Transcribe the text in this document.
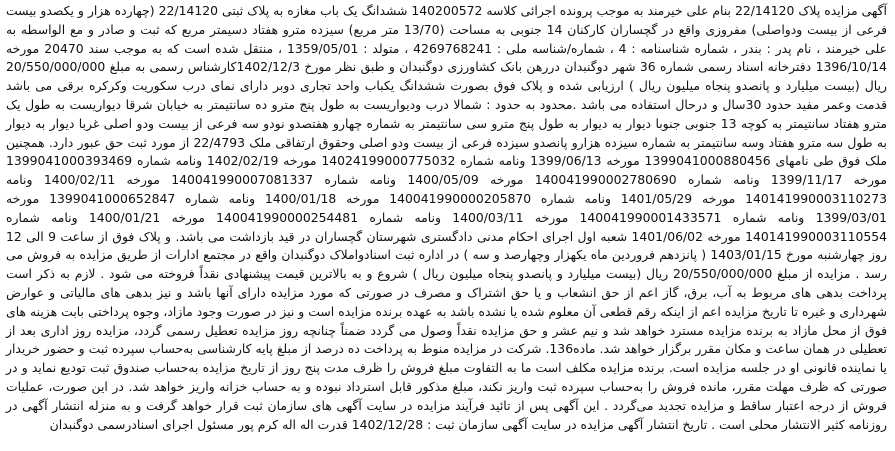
آگهی مزایده پلاک 22/14120 بنام علی خیرمند به موجب پرونده اجرائی کلاسه 140200572 ششدانگ یک باب مغازه به پلاک ثبتی 22/14120 (چهارده هزار و یکصدو بیست فرعی از بیست ودواصلی) مفروزی واقع در گچساران کارکنان 14 جنوبی به مساحت (13/70 متر مربع) سیزده مترو هفتاد دسیمتر مربع که ثبت و صادر و مع الواسطه به علی خیرمند ، نام پدر : بندر ، شماره شناسنامه : 4 ، شماره/شناسه ملی : 4269768241 ، متولد : 1359/05/01 ، منتقل شده است که به موجب سند 20470 مورخه 1396/10/14 دفترخانه اسناد رسمی شماره 36 شهر دوگنبدان دررهن بانک کشاورزی دوگنبدان و طبق نظر مورخ 1402/12/3کارشناس رسمی به مبلغ 20/550/000/000 ریال (بیست میلیارد و پانصدو پنجاه میلیون ریال ) ارزیابی شده و پلاک فوق بصورت ششدانگ یکباب واحد تجاری دوبر دارای نمای درب سکوریت وکرکره برقی می باشد قدمت وعمر مفید حدود 30سال و درحال استفاده می باشد .محدود به حدود : شمالا درب ودیواریست به طول پنج مترو ده سانتیمتر به خیابان شرقا دیواریست به طول یک مترو هفتاد سانتیمتر به کوچه 13 جنوبی جنوبا دیوار به دیوار به طول پنج مترو سی سانتیمتر به شماره چهارو هفتصدو نودو سه فرعی از بیست ودو اصلی غربا دیوار به دیوار به طول سه مترو هفتاد وسه سانتیمتر به شماره سیزده هزارو پانصدو سیزده فرعی از بیست ودو اصلی وحقوق ارتفاقی ملک 22/4793 از مورد ثبت حق عبور دارد. همچنین ملک فوق طی نامهای 1399041000880456 مورخه 1399/06/13 ونامه شماره 14024199000775032 مورخه 1402/02/19 ونامه شماره 1399041000393469 مورخه 1399/11/17 ونامه شماره 140041990002780690 مورخه 1400/05/09 ونامه شماره 140041990007081337 مورخه 1400/02/11 ونامه 140141990003110273 مورخه 1401/05/29 ونامه شماره 140041990000205870 مورخه 1400/01/18 ونامه شماره 1399041000652847 مورخه 1399/03/01 ونامه شماره 140041990001433571 مورخه 1400/03/11 ونامه شماره 140041990000254481 مورخه 1400/01/21 ونامه شماره 140141990003110554 مورخه 1401/06/02 شعبه اول اجرای احکام مدنی دادگستری شهرستان گچساران در قید بازداشت می باشد. و پلاک فوق از ساعت 9 الی 12 روز چهارشنبه مورخ 1403/01/15 ( پانزدهم فروردین ماه یکهزار وچهارصد و سه ) در اداره ثبت اسنادواملاک دوگنبدان واقع در مجتمع ادارات از طریق مزایده به فروش می رسد . مزایده از مبلغ 20/550/000/000 ریال (بیست میلیارد و پانصدو پنجاه میلیون ریال ) شروع و به بالاترین قیمت پیشنهادی نقداً فروخته می شود . لازم به ذکر است پرداخت بدهی های مربوط به آب، برق، گاز اعم از حق انشعاب و یا حق اشتراک و مصرف در صورتی که مورد مزایده دارای آنها باشد و نیز بدهی های مالیاتی و عوارض شهرداری و غیره تا تاریخ مزایده اعم از اینکه رقم قطعی آن معلوم شده یا نشده باشد به عهده برنده مزایده است و نیز در صورت وجود مازاد، وجوه پرداختی بابت هزینه های فوق از محل مازاد به برنده مزایده مسترد خواهد شد و نیم عشر و حق مزایده نقداً وصول می گردد ضمناً چنانچه روز مزایده تعطیل رسمی گردد، مزایده روز اداری بعد از تعطیلی در همان ساعت و مکان مقرر برگزار خواهد شد. ماده136. شرکت در مزایده منوط به پرداخت ده درصد از مبلغ پایه کارشناسی به‌حساب سپرده ثبت و حضور خریدار یا نماینده قانونی او در جلسه مزایده است. برنده مزایده مکلف است ما به التفاوت مبلغ فروش را ظرف مدت پنج روز از تاریخ مزایده به‌حساب صندوق ثبت تودیع نماید و در صورتی که ظرف مهلت مقرر، مانده فروش را به‌حساب سپرده ثبت واریز نکند، مبلغ مذکور قابل استرداد نبوده و به حساب خزانه واریز خواهد شد. در این صورت، عملیات فروش از درجه اعتبار ساقط و مزایده تجدید می‌گردد . این آگهی پس از تائید فرآیند مزایده در سایت آگهی های سازمان ثبت قرار خواهد گرفت و به منزله انتشار آگهی در روزنامه کثیر الانتشار محلی است . تاریخ انتشار آگهی مزایده در سایت آگهی سازمان ثبت : 1402/12/28 قدرت اله اله کرم پور مسئول اجرای اسنادرسمی دوگنبدان
